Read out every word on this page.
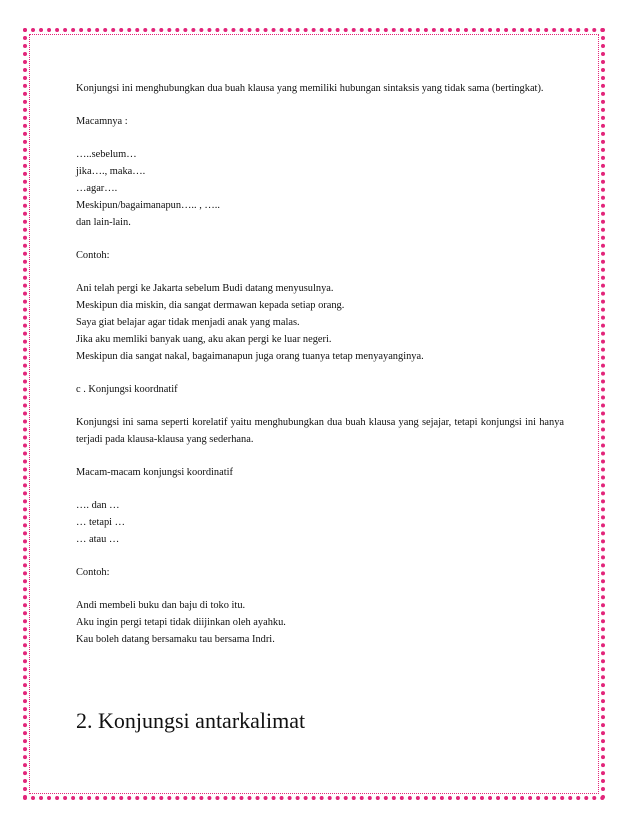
Konjungsi ini menghubungkan dua buah klausa yang memiliki hubungan sintaksis yang tidak sama (bertingkat).

Macamnya :

…..sebelum…
jika…., maka….
…agar….
Meskipun/bagaimanapun….. , …..
dan lain-lain.

Contoh:

Ani telah pergi ke Jakarta sebelum Budi datang menyusulnya.
Meskipun dia miskin, dia sangat dermawan kepada setiap orang.
Saya giat belajar agar tidak menjadi anak yang malas.
Jika aku memliki banyak uang, aku akan pergi ke luar negeri.
Meskipun dia sangat nakal, bagaimanapun juga orang tuanya tetap menyayanginya.

c . Konjungsi koordnatif

Konjungsi ini sama seperti korelatif yaitu menghubungkan dua buah klausa yang sejajar, tetapi konjungsi ini hanya terjadi pada klausa-klausa yang sederhana.

Macam-macam konjungsi koordinatif

…. dan …
… tetapi …
… atau …

Contoh:

Andi membeli buku dan baju di toko itu.
Aku ingin pergi tetapi tidak diijinkan oleh ayahku.
Kau boleh datang bersamaku tau bersama Indri.
2. Konjungsi antarkalimat
